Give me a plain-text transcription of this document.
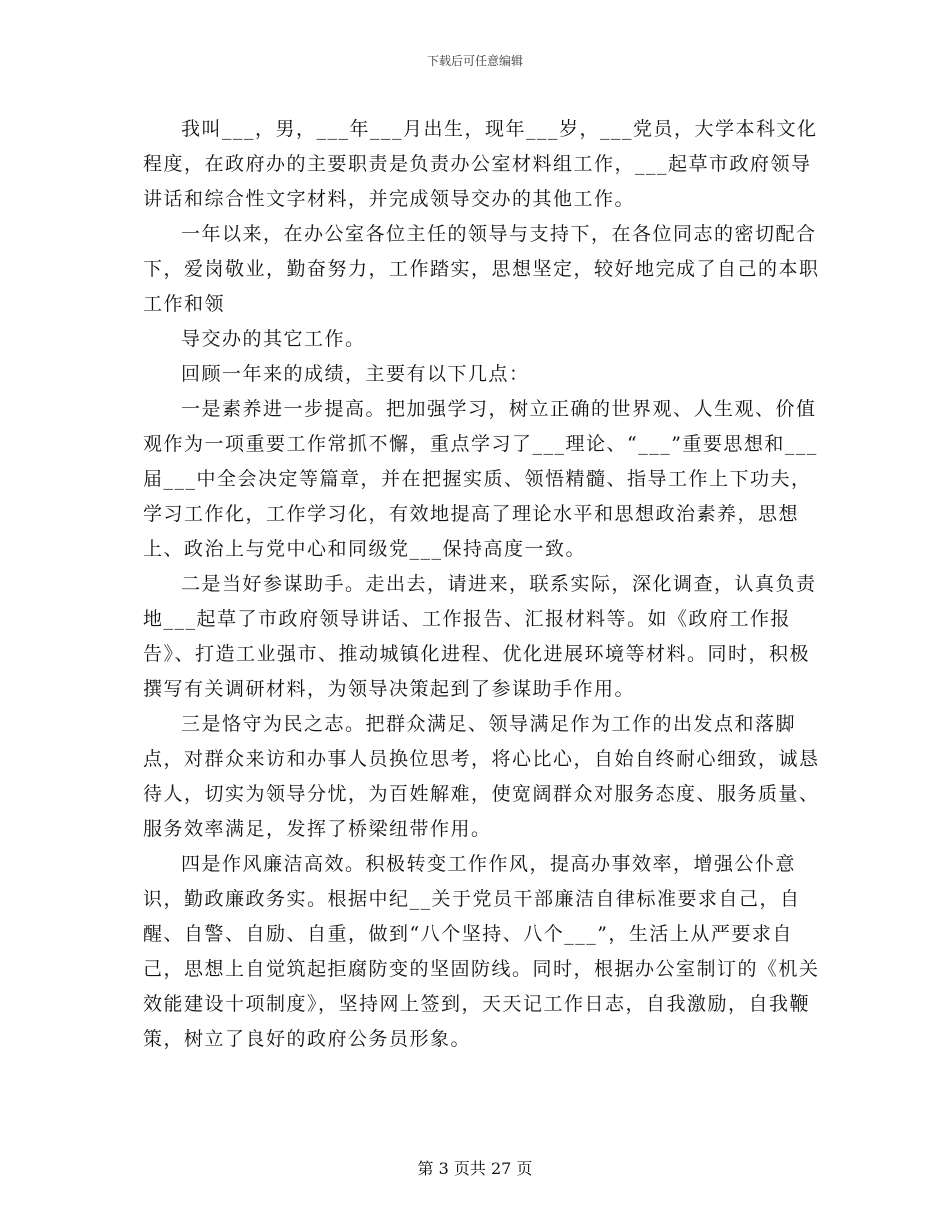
下载后可任意编辑

我叫___，男，___年___月出生，现年___岁，___党员，大学本科文化程度，在政府办的主要职责是负责办公室材料组工作，___起草市政府领导讲话和综合性文字材料，并完成领导交办的其他工作。

一年以来，在办公室各位主任的领导与支持下，在各位同志的密切配合下，爱岗敬业，勤奋努力，工作踏实，思想坚定，较好地完成了自己的本职工作和领

导交办的其它工作。

回顾一年来的成绩，主要有以下几点：

一是素养进一步提高。把加强学习，树立正确的世界观、人生观、价值观作为一项重要工作常抓不懈，重点学习了___理论、“___”重要思想和___届___中全会决定等篇章，并在把握实质、领悟精髓、指导工作上下功夫，学习工作化，工作学习化，有效地提高了理论水平和思想政治素养，思想上、政治上与党中心和同级党___保持高度一致。

二是当好参谋助手。走出去，请进来，联系实际，深化调查，认真负责地___起草了市政府领导讲话、工作报告、汇报材料等。如《政府工作报告》、打造工业强市、推动城镇化进程、优化进展环境等材料。同时，积极撰写有关调研材料，为领导决策起到了参谋助手作用。

三是恪守为民之志。把群众满足、领导满足作为工作的出发点和落脚点，对群众来访和办事人员换位思考，将心比心，自始自终耐心细致，诚恳待人，切实为领导分忧，为百姓解难，使宽阔群众对服务态度、服务质量、服务效率满足，发挥了桥梁纽带作用。

四是作风廉洁高效。积极转变工作作风，提高办事效率，增强公仆意识，勤政廉政务实。根据中纪__关于党员干部廉洁自律标准要求自己，自醒、自警、自励、自重，做到“八个坚持、八个___”，生活上从严要求自己，思想上自觉筑起拒腐防变的坚固防线。同时，根据办公室制订的《机关效能建设十项制度》，坚持网上签到，天天记工作日志，自我激励，自我鞭策，树立了良好的政府公务员形象。

第 3 页共 27 页
